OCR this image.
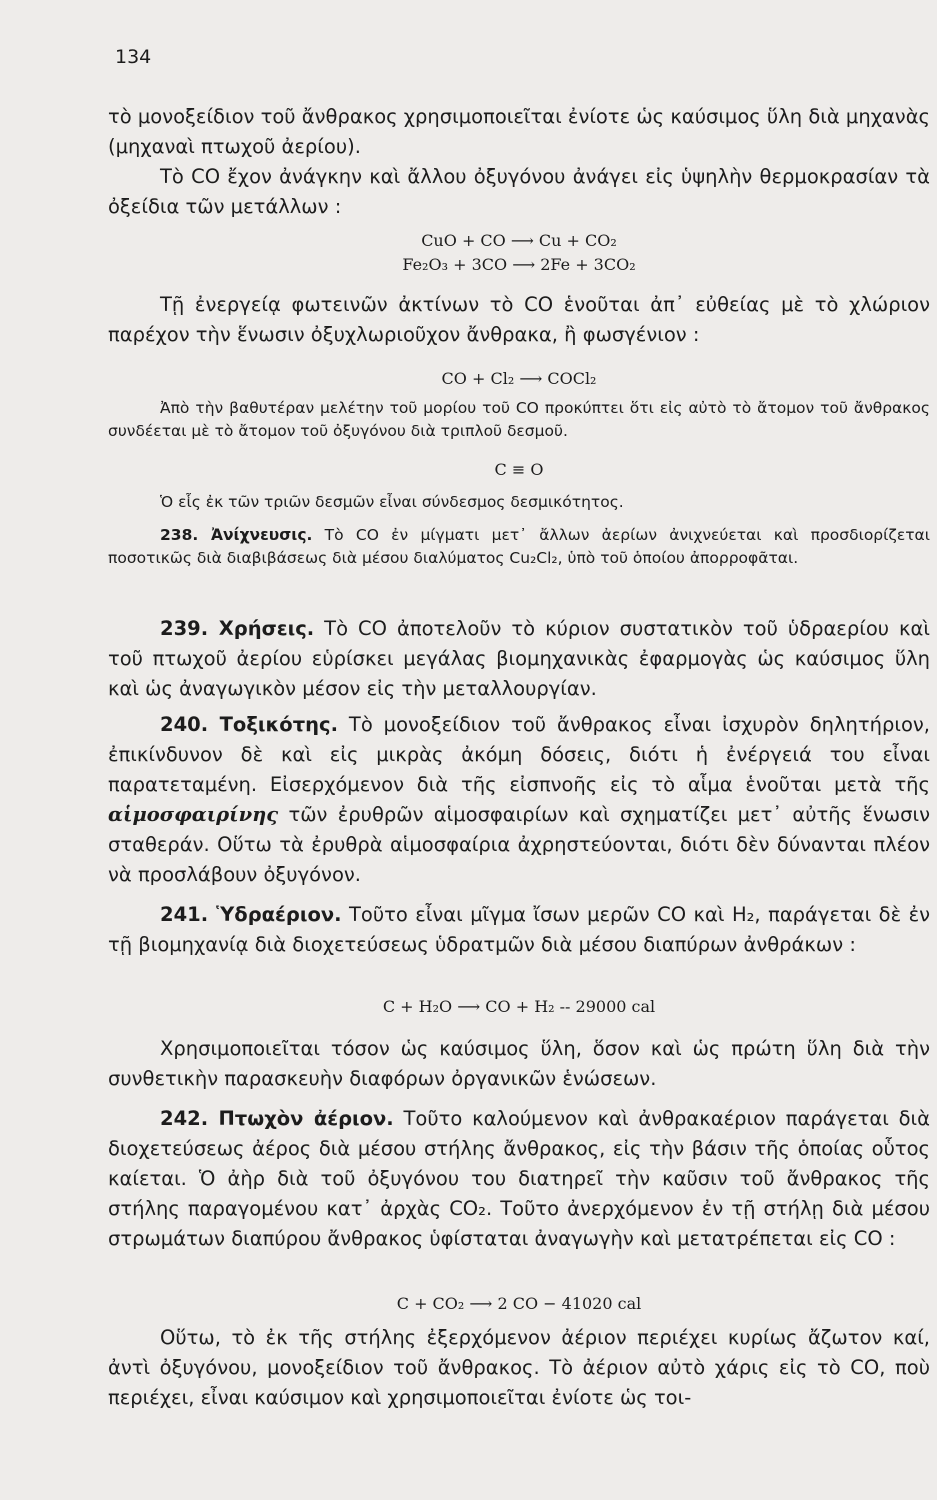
134

τὸ μονοξείδιον τοῦ ἄνθρακος χρησιμοποιεῖται ἐνίοτε ὡς καύσιμος ὕλη διὰ μηχανὰς (μηχαναὶ πτωχοῦ ἀερίου).

Τὸ CO ἔχον ἀνάγκην καὶ ἄλλου ὀξυγόνου ἀνάγει εἰς ὑψηλὴν θερμοκρασίαν τὰ ὀξείδια τῶν μετάλλων :

CuO + CO ⟶ Cu + CO₂
Fe₂O₃ + 3CO ⟶ 2Fe + 3CO₂

Τῇ ἐνεργείᾳ φωτεινῶν ἀκτίνων τὸ CO ἑνοῦται ἀπ᾽ εὐθείας μὲ τὸ χλώριον παρέχον τὴν ἕνωσιν ὀξυχλωριοῦχον ἄνθρακα, ἢ φωσγένιον :

CO + Cl₂ ⟶ COCl₂

Ἀπὸ τὴν βαθυτέραν μελέτην τοῦ μορίου τοῦ CO προκύπτει ὅτι εἰς αὐτὸ τὸ ἄτομον τοῦ ἄνθρακος συνδέεται μὲ τὸ ἄτομον τοῦ ὀξυγόνου διὰ τριπλοῦ δεσμοῦ.

C ≡ O

Ὁ εἷς ἐκ τῶν τριῶν δεσμῶν εἶναι σύνδεσμος δεσμικότητος.

238. Ἀνίχνευσις. Τὸ CO ἐν μίγματι μετ᾽ ἄλλων ἀερίων ἀνιχνεύεται καὶ προσδιορίζεται ποσοτικῶς διὰ διαβιβάσεως διὰ μέσου διαλύματος Cu₂Cl₂, ὑπὸ τοῦ ὁποίου ἀπορροφᾶται.

239. Χρήσεις. Τὸ CO ἀποτελοῦν τὸ κύριον συστατικὸν τοῦ ὑδραερίου καὶ τοῦ πτωχοῦ ἀερίου εὑρίσκει μεγάλας βιομηχανικὰς ἐφαρμογὰς ὡς καύσιμος ὕλη καὶ ὡς ἀναγωγικὸν μέσον εἰς τὴν μεταλλουργίαν.

240. Τοξικότης. Τὸ μονοξείδιον τοῦ ἄνθρακος εἶναι ἰσχυρὸν δηλητήριον, ἐπικίνδυνον δὲ καὶ εἰς μικρὰς ἀκόμη δόσεις, διότι ἡ ἐνέργειά του εἶναι παρατεταμένη. Εἰσερχόμενον διὰ τῆς εἰσπνοῆς εἰς τὸ αἷμα ἑνοῦται μετὰ τῆς αἱμοσφαιρίνης τῶν ἐρυθρῶν αἱμοσφαιρίων καὶ σχηματίζει μετ᾽ αὐτῆς ἕνωσιν σταθεράν. Οὕτω τὰ ἐρυθρὰ αἱμοσφαίρια ἀχρηστεύονται, διότι δὲν δύνανται πλέον νὰ προσλάβουν ὀξυγόνον.

241. Ὑδραέριον. Τοῦτο εἶναι μῖγμα ἴσων μερῶν CO καὶ H₂, παράγεται δὲ ἐν τῇ βιομηχανίᾳ διὰ διοχετεύσεως ὑδρατμῶν διὰ μέσου διαπύρων ἀνθράκων :

C + H₂O ⟶ CO + H₂ -- 29000 cal

Χρησιμοποιεῖται τόσον ὡς καύσιμος ὕλη, ὅσον καὶ ὡς πρώτη ὕλη διὰ τὴν συνθετικὴν παρασκευὴν διαφόρων ὀργανικῶν ἑνώσεων.

242. Πτωχὸν ἀέριον. Τοῦτο καλούμενον καὶ ἀνθρακαέριον παράγεται διὰ διοχετεύσεως ἀέρος διὰ μέσου στήλης ἄνθρακος, εἰς τὴν βάσιν τῆς ὁποίας οὗτος καίεται. Ὁ ἀὴρ διὰ τοῦ ὀξυγόνου του διατηρεῖ τὴν καῦσιν τοῦ ἄνθρακος τῆς στήλης παραγομένου κατ᾽ ἀρχὰς CO₂. Τοῦτο ἀνερχόμενον ἐν τῇ στήλῃ διὰ μέσου στρωμάτων διαπύρου ἄνθρακος ὑφίσταται ἀναγωγὴν καὶ μετατρέπεται εἰς CO :

C + CO₂ ⟶ 2 CO − 41020 cal

Οὕτω, τὸ ἐκ τῆς στήλης ἐξερχόμενον ἀέριον περιέχει κυρίως ἄζωτον καί, ἀντὶ ὀξυγόνου, μονοξείδιον τοῦ ἄνθρακος. Τὸ ἀέριον αὐτὸ χάρις εἰς τὸ CO, ποὺ περιέχει, εἶναι καύσιμον καὶ χρησιμοποιεῖται ἐνίοτε ὡς τοι-
